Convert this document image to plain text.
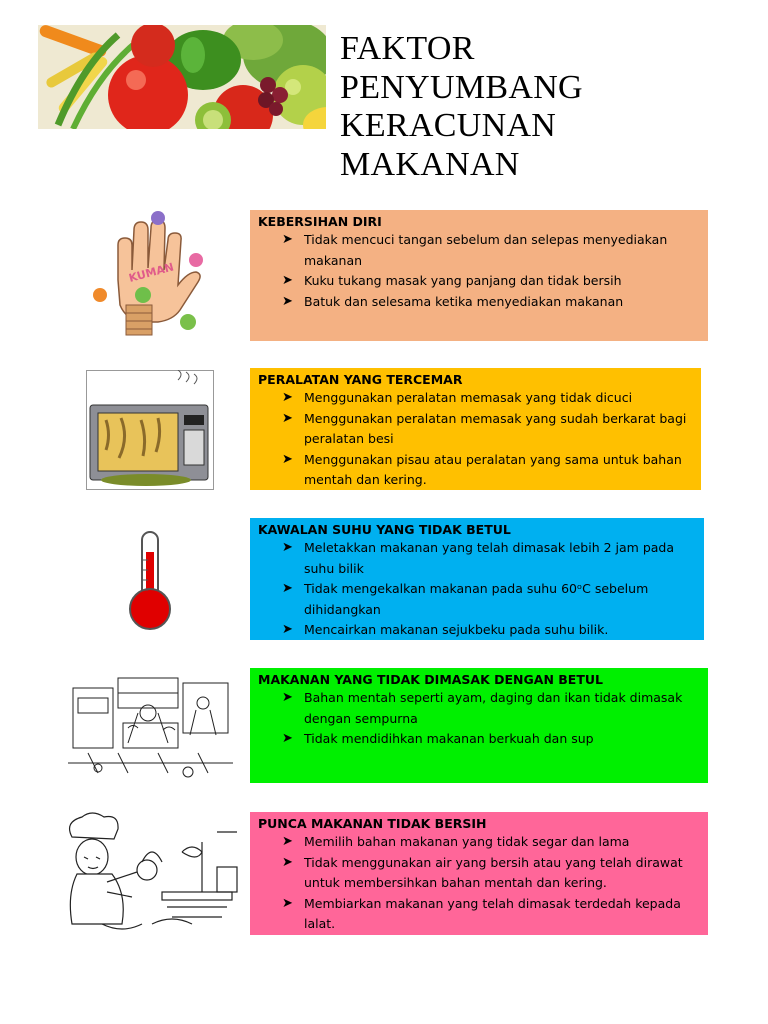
FAKTOR
PENYUMBANG
KERACUNAN
MAKANAN
KUMAN
KEBERSIHAN DIRI
➤ Tidak mencuci tangan sebelum dan selepas menyediakan makanan
➤ Kuku tukang masak yang panjang dan tidak bersih
➤ Batuk dan selesama ketika menyediakan makanan
PERALATAN YANG TERCEMAR
➤ Menggunakan peralatan memasak yang tidak dicuci
➤ Menggunakan peralatan memasak yang sudah berkarat bagi peralatan besi
➤ Menggunakan pisau atau peralatan yang sama untuk bahan mentah dan kering.
KAWALAN SUHU YANG TIDAK BETUL
➤ Meletakkan makanan yang telah dimasak lebih 2 jam pada suhu bilik
➤ Tidak mengekalkan makanan pada suhu 60ᵒC sebelum dihidangkan
➤ Mencairkan makanan sejukbeku pada suhu bilik.
MAKANAN YANG TIDAK DIMASAK DENGAN BETUL
➤ Bahan mentah seperti ayam, daging dan ikan tidak dimasak dengan sempurna
➤ Tidak mendidihkan makanan berkuah dan sup
PUNCA MAKANAN TIDAK BERSIH
➤ Memilih bahan makanan yang tidak segar dan lama
➤ Tidak menggunakan air yang bersih atau yang telah dirawat untuk membersihkan bahan mentah dan kering.
➤ Membiarkan makanan yang telah dimasak terdedah kepada lalat.
